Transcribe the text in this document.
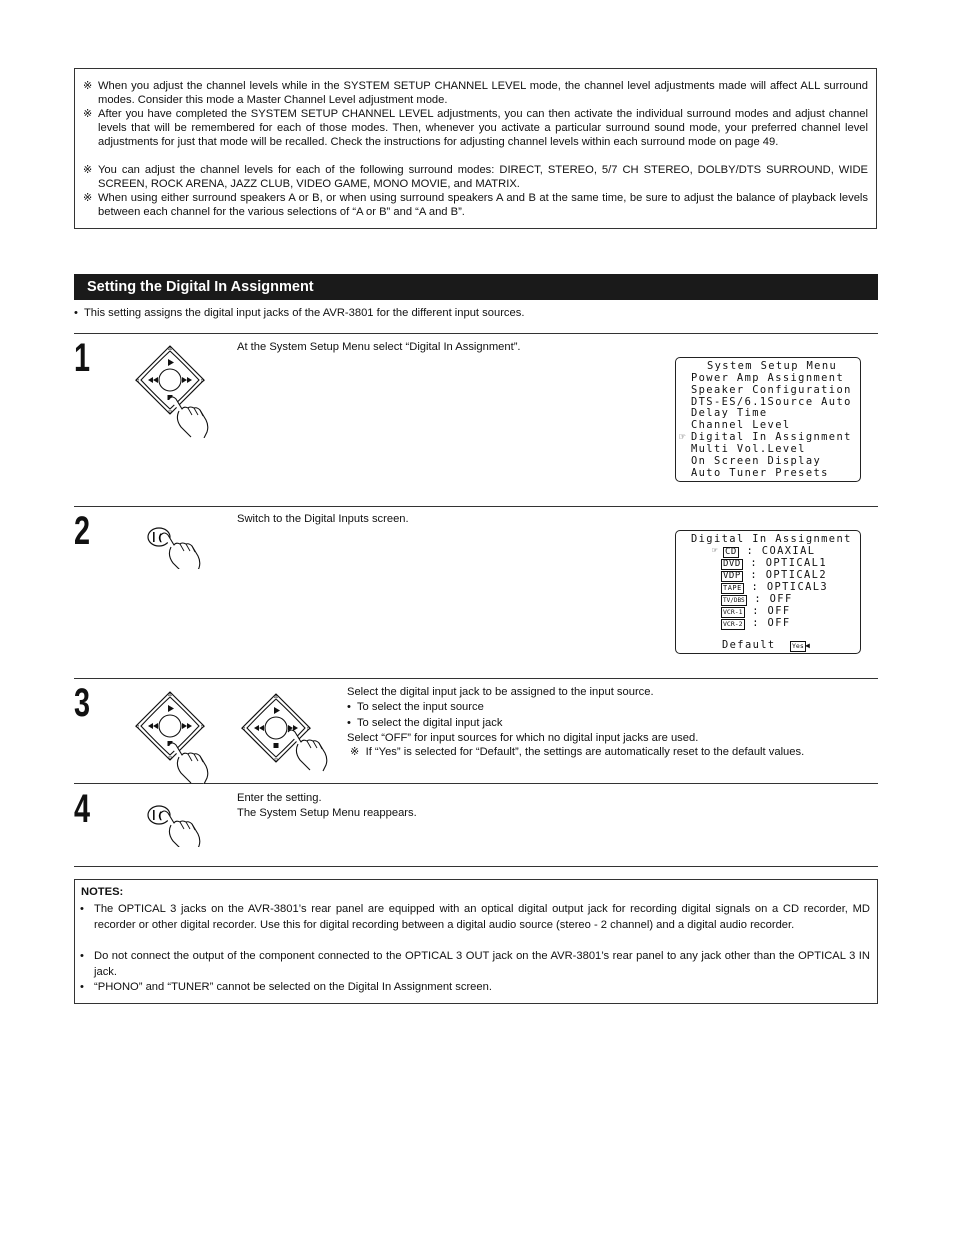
※ When you adjust the channel levels while in the SYSTEM SETUP CHANNEL LEVEL mode, the channel level adjustments made will affect ALL surround modes. Consider this mode a Master Channel Level adjustment mode.
※ After you have completed the SYSTEM SETUP CHANNEL LEVEL adjustments, you can then activate the individual surround modes and adjust channel levels that will be remembered for each of those modes. Then, whenever you activate a particular surround sound mode, your preferred channel level adjustments for just that mode will be recalled. Check the instructions for adjusting channel levels within each surround mode on page 49.
※ You can adjust the channel levels for each of the following surround modes: DIRECT, STEREO, 5/7 CH STEREO, DOLBY/DTS SURROUND, WIDE SCREEN, ROCK ARENA, JAZZ CLUB, VIDEO GAME, MONO MOVIE, and MATRIX.
※ When using either surround speakers A or B, or when using surround speakers A and B at the same time, be sure to adjust the balance of playback levels between each channel for the various selections of “A or B” and “A and B”.
Setting the Digital In Assignment
• This setting assigns the digital input jacks of the AVR-3801 for the different input sources.
1	At the System Setup Menu select “Digital In Assignment”.

System Setup Menu

Power Amp Assignment

Speaker Configuration

DTS-ES/6.1Source Auto

Delay Time

Channel Level

☞

Digital In Assignment

Multi Vol.Level

On Screen Display

Auto Tuner Presets

2	Switch to the Digital Inputs screen.

Digital In Assignment

☞

CD : COAXIAL

DVD : OPTICAL1

VDP : OPTICAL2

TAPE : OPTICAL3

TV/DBS : OFF

VCR-1 : OFF

VCR-2 : OFF

Default

	Yes

◀

3	Select the digital input jack to be assigned to the input source.
• To select the input source
• To select the digital input jack
Select “OFF” for input sources for which no digital input jacks are used.
※ If “Yes” is selected for “Default”, the settings are automatically reset to the default values.
4	Enter the setting.
The System Setup Menu reappears.
NOTES:
• The OPTICAL 3 jacks on the AVR-3801’s rear panel are equipped with an optical digital output jack for recording digital signals on a CD recorder, MD recorder or other digital recorder. Use this for digital recording between a digital audio source (stereo - 2 channel) and a digital audio recorder.
• Do not connect the output of the component connected to the OPTICAL 3 OUT jack on the AVR-3801’s rear panel to any jack other than the OPTICAL 3 IN jack.
• “PHONO” and “TUNER” cannot be selected on the Digital In Assignment screen.
